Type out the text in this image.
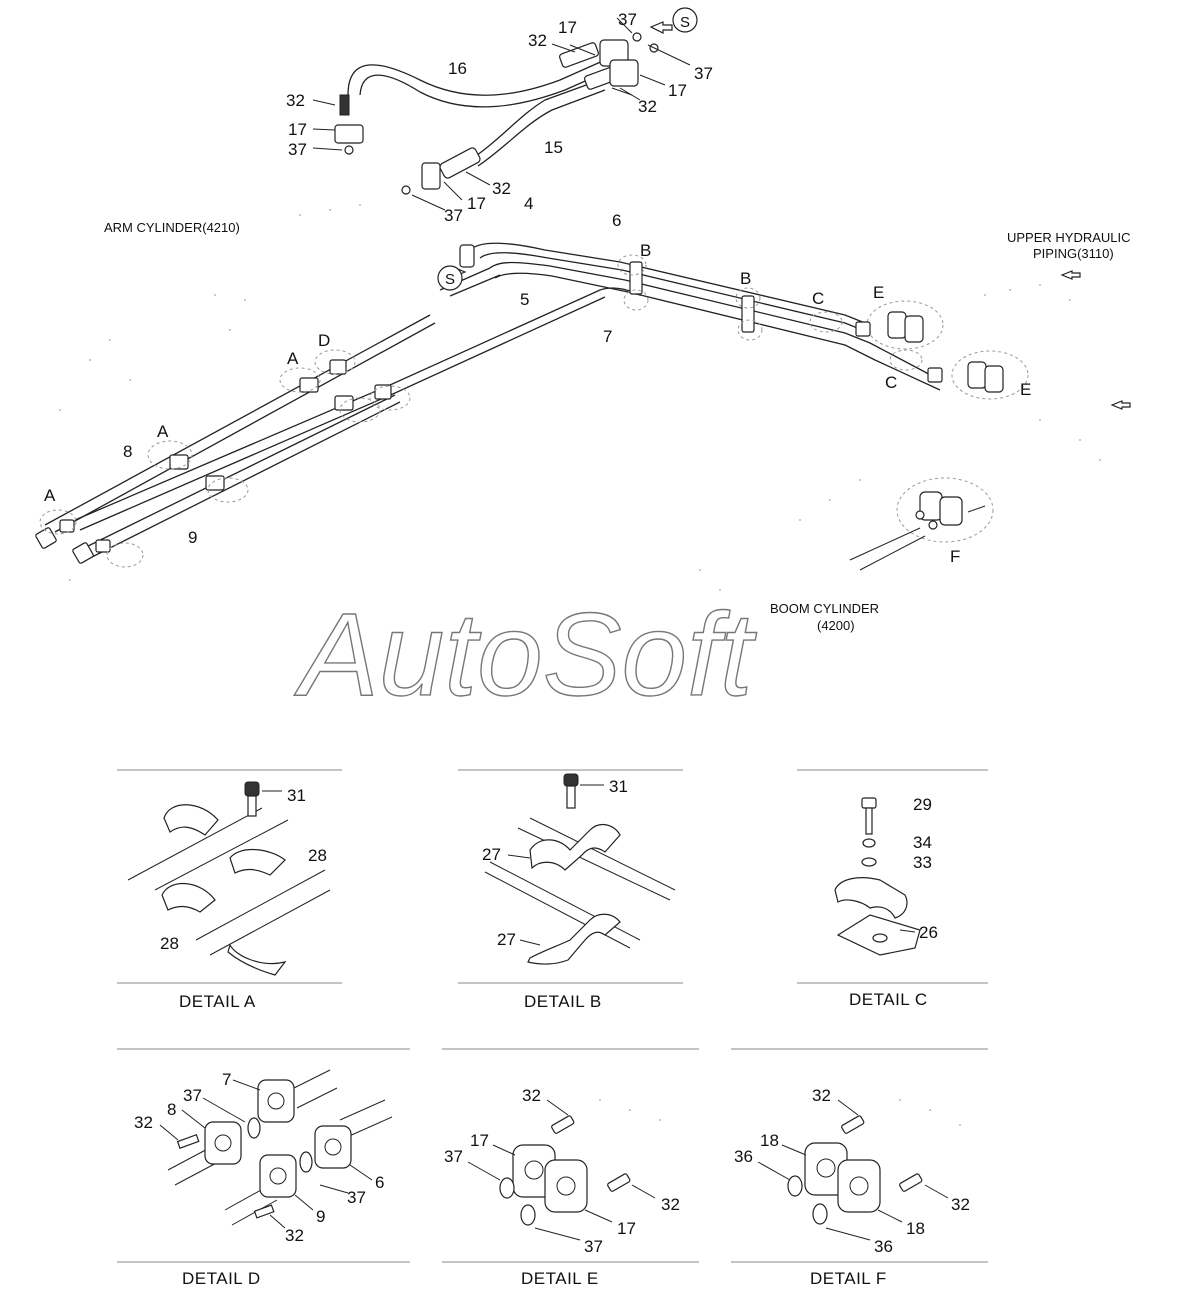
37	S
17
32
16	37
17
32
32
17
37	15
32
17 4
37	6
S
5
7
B
B
C
C
E
E
A
D
A
8
A
9
F
ARM CYLINDER(4210)
UPPER HYDRAULIC
PIPING(3110)
BOOM CYLINDER
(4200)
AutoSoft
31
28
28
DETAIL A
31
27
27
DETAIL B
29
34
33
26
DETAIL C
7
37
8
32
37
6
9
32
DETAIL D
32
17
37
32
17
37
DETAIL E
32
18
36
32
18
36
DETAIL F
